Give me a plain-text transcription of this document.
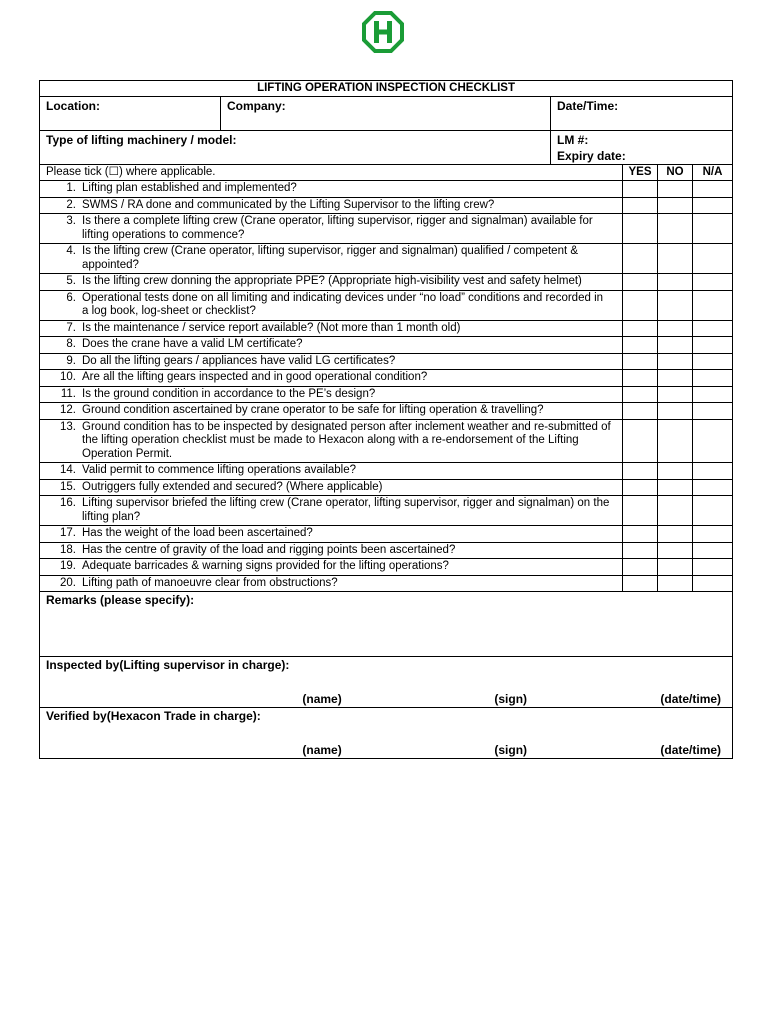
LIFTING OPERATION INSPECTION CHECKLIST					

Location:	Company:	Date/Time:			

Type of lifting machinery / model:		LM #:
Expiry date:			

Please tick (☐) where applicable.			YES	NO	N/A
1. Lifting plan established and implemented?					
2. SWMS / RA done and communicated by the Lifting Supervisor to the lifting crew?					
3. Is there a complete lifting crew (Crane operator, lifting supervisor, rigger and signalman) available for lifting operations to commence?					
4. Is the lifting crew (Crane operator, lifting supervisor, rigger and signalman) qualified / competent & appointed?					
5. Is the lifting crew donning the appropriate PPE? (Appropriate high-visibility vest and safety helmet)					
6. Operational tests done on all limiting and indicating devices under “no load” conditions and recorded in a log book, log-sheet or checklist?					
7. Is the maintenance / service report available? (Not more than 1 month old)					
8. Does the crane have a valid LM certificate?					
9. Do all the lifting gears / appliances have valid LG certificates?					
10. Are all the lifting gears inspected and in good operational condition?					
11. Is the ground condition in accordance to the PE’s design?					
12. Ground condition ascertained by crane operator to be safe for lifting operation & travelling?					
13. Ground condition has to be inspected by designated person after inclement weather and re-submitted of the lifting operation checklist must be made to Hexacon along with a re-endorsement of the Lifting Operation Permit.					
14. Valid permit to commence lifting operations available?					
15. Outriggers fully extended and secured? (Where applicable)					
16. Lifting supervisor briefed the lifting crew (Crane operator, lifting supervisor, rigger and signalman) on the lifting plan?					
17. Has the weight of the load been ascertained?					
18. Has the centre of gravity of the load and rigging points been ascertained?					
19. Adequate barricades & warning signs provided for the lifting operations?					
20. Lifting path of manoeuvre clear from obstructions?					

Remarks (please specify):					

Inspected by(Lifting supervisor in charge):
(name) (sign) (date/time)					

Verified by(Hexacon Trade in charge):
(name) (sign) (date/time)					
